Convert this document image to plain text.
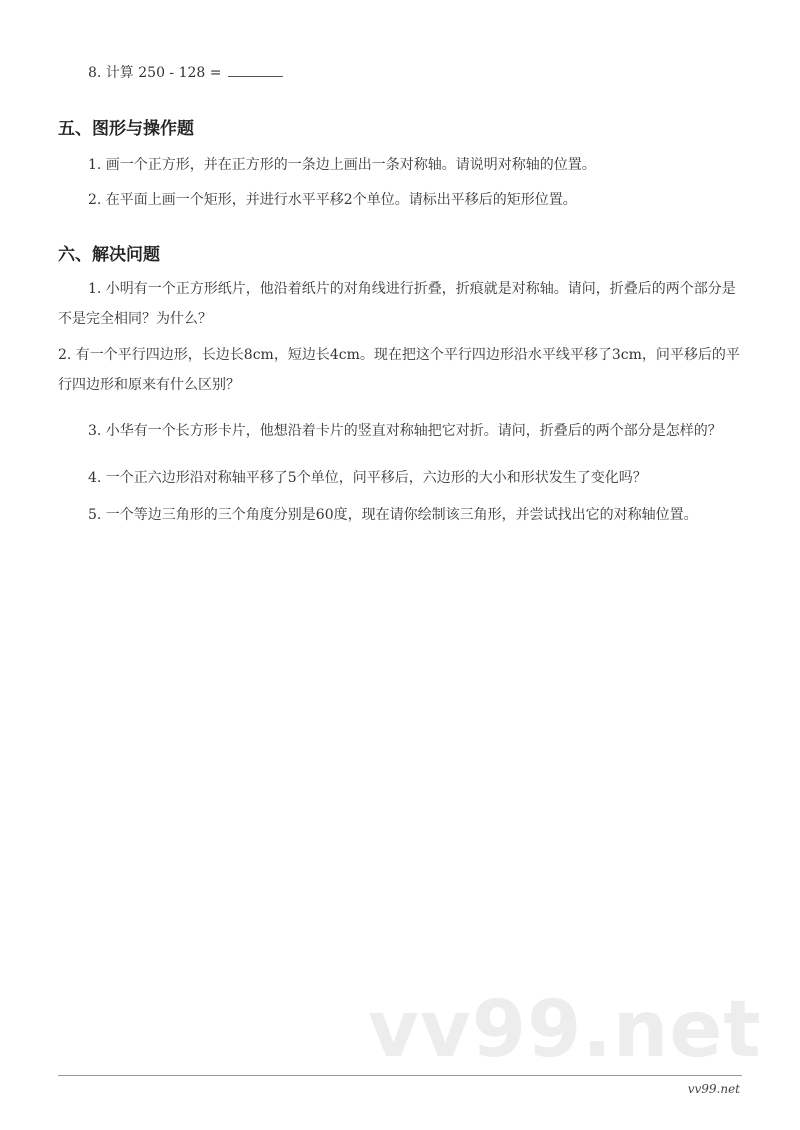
8. 计算 250 - 128 =
五、图形与操作题
1. 画一个正方形，并在正方形的一条边上画出一条对称轴。请说明对称轴的位置。
2. 在平面上画一个矩形，并进行水平平移2个单位。请标出平移后的矩形位置。
六、解决问题
1. 小明有一个正方形纸片，他沿着纸片的对角线进行折叠，折痕就是对称轴。请问，折叠后的两个部分是不是完全相同？为什么？
2. 有一个平行四边形，长边长8cm，短边长4cm。现在把这个平行四边形沿水平线平移了3cm，问平移后的平行四边形和原来有什么区别？
3. 小华有一个长方形卡片，他想沿着卡片的竖直对称轴把它对折。请问，折叠后的两个部分是怎样的？
4. 一个正六边形沿对称轴平移了5个单位，问平移后，六边形的大小和形状发生了变化吗？
5. 一个等边三角形的三个角度分别是60度，现在请你绘制该三角形，并尝试找出它的对称轴位置。
vv99.net
vv99.net
